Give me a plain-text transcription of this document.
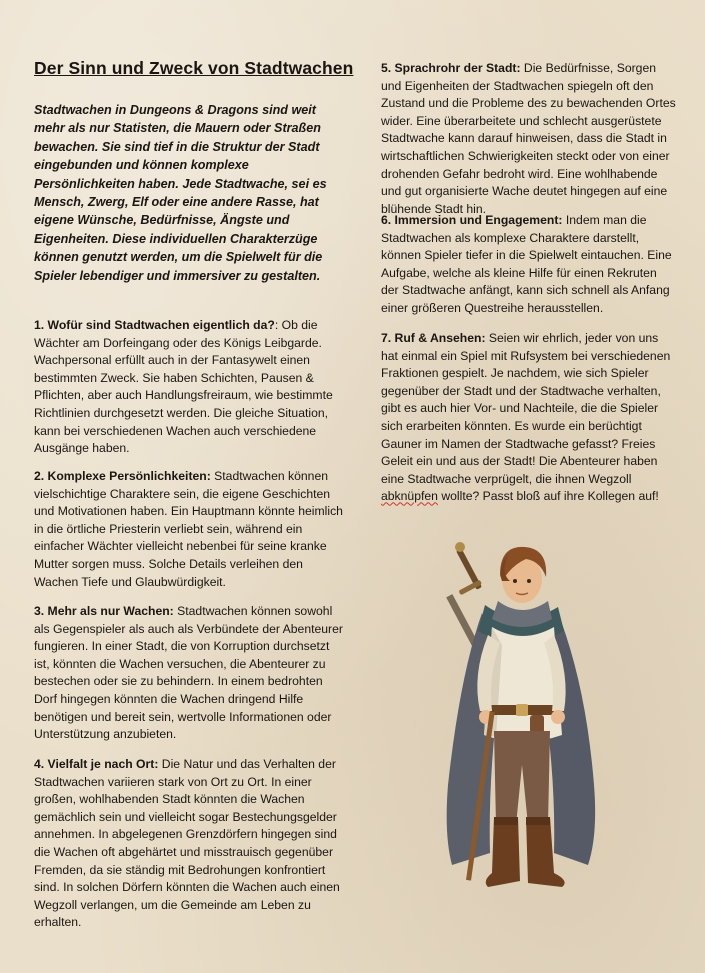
Der Sinn und Zweck von Stadtwachen

Stadtwachen in Dungeons & Dragons sind weit mehr als nur Statisten, die Mauern oder Straßen bewachen. Sie sind tief in die Struktur der Stadt eingebunden und können komplexe Persönlichkeiten haben. Jede Stadtwache, sei es Mensch, Zwerg, Elf oder eine andere Rasse, hat eigene Wünsche, Bedürfnisse, Ängste und Eigenheiten. Diese individuellen Charakterzüge können genutzt werden, um die Spielwelt für die Spieler lebendiger und immersiver zu gestalten.

1. Wofür sind Stadtwachen eigentlich da?: Ob die Wächter am Dorfeingang oder des Königs Leibgarde. Wachpersonal erfüllt auch in der Fantasywelt einen bestimmten Zweck. Sie haben Schichten, Pausen & Pflichten, aber auch Handlungsfreiraum, wie bestimmte Richtlinien durchgesetzt werden. Die gleiche Situation, kann bei verschiedenen Wachen auch verschiedene Ausgänge haben.

2. Komplexe Persönlichkeiten: Stadtwachen können vielschichtige Charaktere sein, die eigene Geschichten und Motivationen haben. Ein Hauptmann könnte heimlich in die örtliche Priesterin verliebt sein, während ein einfacher Wächter vielleicht nebenbei für seine kranke Mutter sorgen muss. Solche Details verleihen den Wachen Tiefe und Glaubwürdigkeit.

3. Mehr als nur Wachen: Stadtwachen können sowohl als Gegenspieler als auch als Verbündete der Abenteurer fungieren. In einer Stadt, die von Korruption durchsetzt ist, könnten die Wachen versuchen, die Abenteurer zu bestechen oder sie zu behindern. In einem bedrohten Dorf hingegen könnten die Wachen dringend Hilfe benötigen und bereit sein, wertvolle Informationen oder Unterstützung anzubieten.

4. Vielfalt je nach Ort: Die Natur und das Verhalten der Stadtwachen variieren stark von Ort zu Ort. In einer großen, wohlhabenden Stadt könnten die Wachen gemächlich sein und vielleicht sogar Bestechungsgelder annehmen. In abgelegenen Grenzdörfern hingegen sind die Wachen oft abgehärtet und misstrauisch gegenüber Fremden, da sie ständig mit Bedrohungen konfrontiert sind. In solchen Dörfern könnten die Wachen auch einen Wegzoll verlangen, um die Gemeinde am Leben zu erhalten.

5. Sprachrohr der Stadt: Die Bedürfnisse, Sorgen und Eigenheiten der Stadtwachen spiegeln oft den Zustand und die Probleme des zu bewachenden Ortes wider. Eine überarbeitete und schlecht ausgerüstete Stadtwache kann darauf hinweisen, dass die Stadt in wirtschaftlichen Schwierigkeiten steckt oder von einer drohenden Gefahr bedroht wird. Eine wohlhabende und gut organisierte Wache deutet hingegen auf eine blühende Stadt hin.

6. Immersion und Engagement: Indem man die Stadtwachen als komplexe Charaktere darstellt, können Spieler tiefer in die Spielwelt eintauchen. Eine Aufgabe, welche als kleine Hilfe für einen Rekruten der Stadtwache anfängt, kann sich schnell als Anfang einer größeren Questreihe herausstellen.

7. Ruf & Ansehen: Seien wir ehrlich, jeder von uns hat einmal ein Spiel mit Rufsystem bei verschiedenen Fraktionen gespielt. Je nachdem, wie sich Spieler gegenüber der Stadt und der Stadtwache verhalten, gibt es auch hier Vor- und Nachteile, die die Spieler sich erarbeiten könnten. Es wurde ein berüchtigt Gauner im Namen der Stadtwache gefasst? Freies Geleit ein und aus der Stadt! Die Abenteurer haben eine Stadtwache verprügelt, die ihnen Wegzoll abknüpfen wollte? Passt bloß auf ihre Kollegen auf!
